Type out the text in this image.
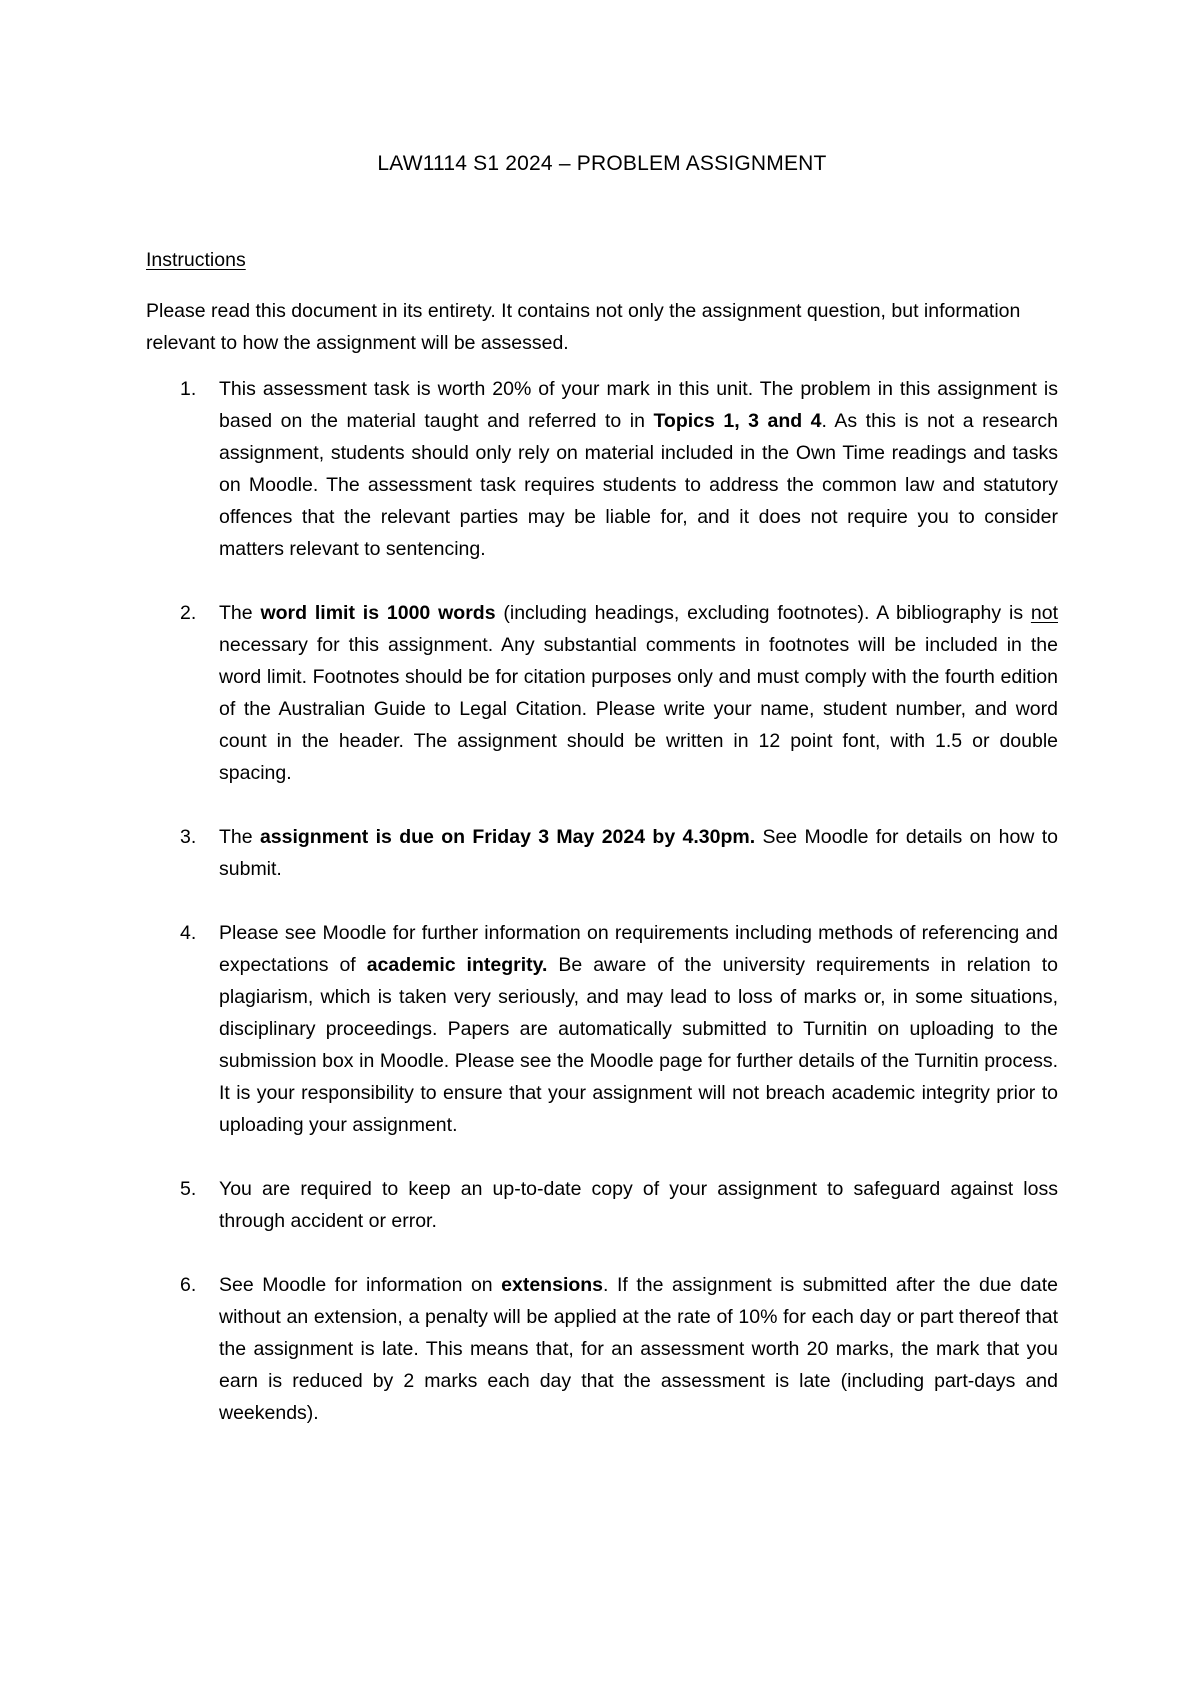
LAW1114 S1 2024 – PROBLEM ASSIGNMENT
Instructions

Please read this document in its entirety. It contains not only the assignment question, but information relevant to how the assignment will be assessed.

1. This assessment task is worth 20% of your mark in this unit. The problem in this assignment is based on the material taught and referred to in Topics 1, 3 and 4. As this is not a research assignment, students should only rely on material included in the Own Time readings and tasks on Moodle. The assessment task requires students to address the common law and statutory offences that the relevant parties may be liable for, and it does not require you to consider matters relevant to sentencing.
2. The word limit is 1000 words (including headings, excluding footnotes). A bibliography is not necessary for this assignment. Any substantial comments in footnotes will be included in the word limit. Footnotes should be for citation purposes only and must comply with the fourth edition of the Australian Guide to Legal Citation. Please write your name, student number, and word count in the header. The assignment should be written in 12 point font, with 1.5 or double spacing.
3. The assignment is due on Friday 3 May 2024 by 4.30pm. See Moodle for details on how to submit.
4. Please see Moodle for further information on requirements including methods of referencing and expectations of academic integrity. Be aware of the university requirements in relation to plagiarism, which is taken very seriously, and may lead to loss of marks or, in some situations, disciplinary proceedings. Papers are automatically submitted to Turnitin on uploading to the submission box in Moodle. Please see the Moodle page for further details of the Turnitin process. It is your responsibility to ensure that your assignment will not breach academic integrity prior to uploading your assignment.
5. You are required to keep an up-to-date copy of your assignment to safeguard against loss through accident or error.
6. See Moodle for information on extensions. If the assignment is submitted after the due date without an extension, a penalty will be applied at the rate of 10% for each day or part thereof that the assignment is late. This means that, for an assessment worth 20 marks, the mark that you earn is reduced by 2 marks each day that the assessment is late (including part-days and weekends).
